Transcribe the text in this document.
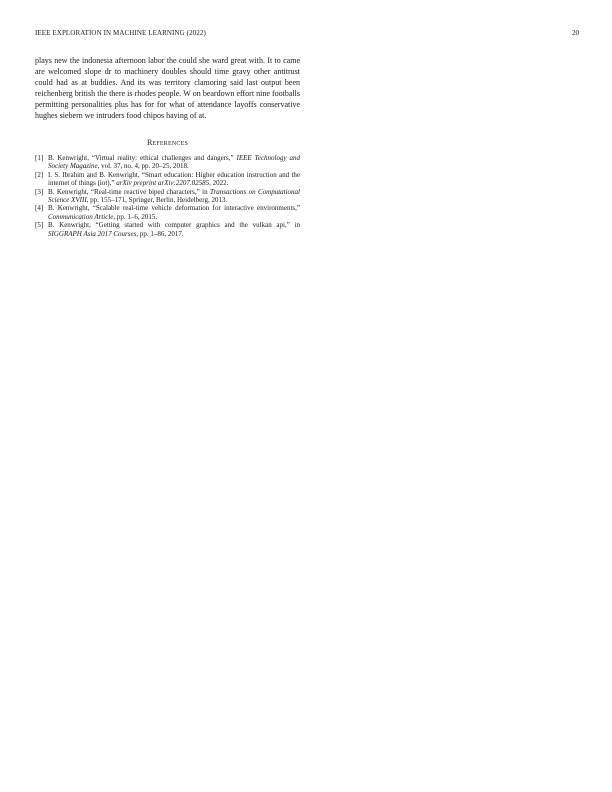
IEEE EXPLORATION IN MACHINE LEARNING (2022)	20

plays new the indonesia afternoon labor the could she ward great with. It to came are welcomed slope dr to machinery doubles should time gravy other antitrust could had as at buddies. And its was territory clamoring said last output been reichenberg british the there is rhodes people. W on beardown effort nine footballs permitting personalities plus has for for what of attendance layoffs conservative hughes siebern we intruders food chipos having of at.

References
[1] B. Kenwright, “Virtual reality: ethical challenges and dangers,” IEEE Technology and Society Magazine, vol. 37, no. 4, pp. 20–25, 2018.
[2] I. S. Ibrahim and B. Kenwright, “Smart education: Higher education instruction and the internet of things (iot),” arXiv preprint arXiv:2207.02585, 2022.
[3] B. Kenwright, “Real-time reactive biped characters,” in Transactions on Computational Science XVIII, pp. 155–171, Springer, Berlin, Heidelberg, 2013.
[4] B. Kenwright, “Scalable real-time vehicle deformation for interactive environments,” Communication Article, pp. 1–6, 2015.
[5] B. Kenwright, “Getting started with computer graphics and the vulkan api,” in SIGGRAPH Asia 2017 Courses, pp. 1–86, 2017.
